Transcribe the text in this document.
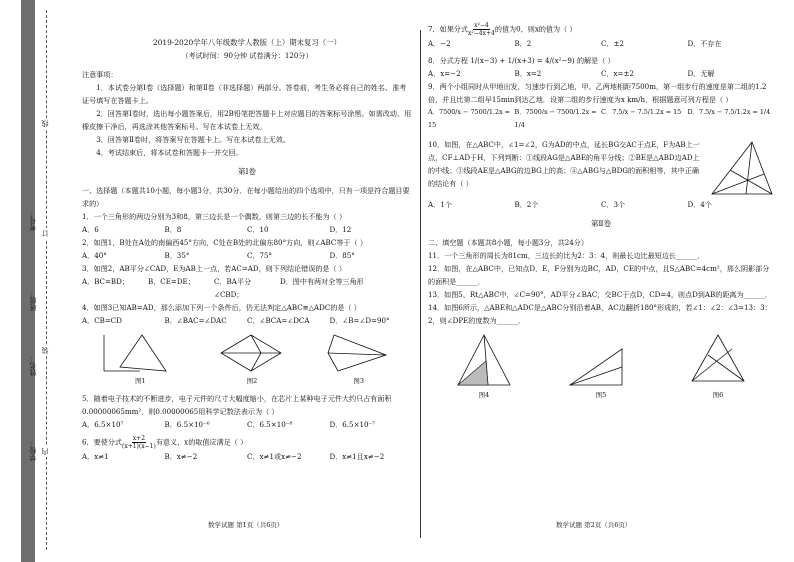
线
订
装
内
学校：
姓名：
班级：
考号：
2019-2020学年八年级数学人教版（上）期末复习（一）
（考试时间：90分钟 试卷满分：120分）
注意事项：
1．本试卷分第Ⅰ卷（选择题）和第Ⅱ卷（非选择题）两部分。答卷前，考生务必将自己的姓名、准考证号填写在答题卡上。
2．回答第Ⅰ卷时，选出每小题答案后，用2B铅笔把答题卡上对应题目的答案标号涂黑。如需改动，用橡皮擦干净后，再选涂其他答案标号。写在本试卷上无效。
3．回答第Ⅱ卷时，将答案写在答题卡上。写在本试卷上无效。
4．考试结束后，将本试卷和答题卡一并交回。
第Ⅰ卷
一、选择题（本题共10小题，每小题3分，共30分．在每小题给出的四个选项中，只有一项是符合题目要求的）
1．一个三角形的两边分别为3和8，第三边长是一个偶数，则第三边的长不能为（ ）
A．6	B．8	C．10	D．12
2．如图1，B处在A处的南偏西45°方向，C处在B处的北偏东80°方向，则∠ABC等于（ ）
A．40°	B．35°	C．75°	D．85°
3．如图2，AB平分∠CAD，E为AB上一点，若AC=AD，则下列结论错误的是（ ）
A．BC=BD；	B．CE=DE；	C．BA平分∠CBD；
D．图中有两对全等三角形
4．如图3已知AB=AD，那么添加下列一个条件后，仍无法判定△ABC≌△ADC的是（ ）
A．CB=CD	B．∠BAC=∠DAC	C．∠BCA=∠DCA	D．∠B=∠D=90°
图1	图2	图3
5．随着电子技术的不断进步，电子元件的尺寸大幅度缩小，在芯片上某种电子元件大约只占有面积0.00000065mm²，则0.00000065用科学记数法表示为（ ）
A．6.5×10⁷	B．6.5×10⁻⁶	C．6.5×10⁻⁸	D．6.5×10⁻⁷
6．要使分式 $\frac{x+2}{(x+1)(x-1)}$ 有意义，x的取值应满足（ ）
A．x≠1	B．x≠−2	C．x≠1或x≠−2	D．x≠1且x≠−2
7．如果分式 $\frac{\text{x²−4}}{\text{x²−4x+4}}$ 的值为0，则x的值为（ ）
A．−2	B．2	C．±2	D．不存在
8．分式方程 1/(x−3) + 1/(x+3) = 4/(x²−9) 的解是（ ）
A．x=−2	B．x=2	C．x=±2	D．无解
9．两个小组同时从甲地出发，匀速步行到乙地，甲、乙两地相距7500m，第一组步行的速度是第二组的1.2倍，并且比第二组早15min到达乙地．设第二组的步行速度为x km/h，根据题意可列方程是（ ）
A．7500/x − 7500/1.2x = 15
B．7500/x − 7500/1.2x = 1/4
C．7.5/x − 7.5/1.2x = 15 D．7.5/x − 7.5/1.2x = 1/4
10．如图，在△ABC中，∠1=∠2，G为AD的中点，延长BG交AC于点E，F为AB上一点，CF⊥AD于H，下列判断：①线段AG是△ABE的角平分线；②BE是△ABD边AD上的中线；③线段AE是△ABG的边BG上的高；④△ABG与△BDG的面积相等，其中正确的结论有（ ）
A．1个	B．2个	C．3个	D．4个
第Ⅱ卷
二、填空题（本题共8小题，每小题3分，共24分）
11．一个三角形的周长为81cm，三边长的比为2：3：4，则最长边比最短边长______．
12．如图，在△ABC中，已知点D，E，F分别为边BC，AD，CE的中点，且S△ABC=4cm²，那么阴影部分的面积是______．
13．如图5，Rt△ABC中，∠C=90°，AD平分∠BAC，交BC于点D，CD=4，则点D到AB的距离为______．
14．如图6所示，△ABE和△ADC是△ABC分别沿着AB，AC边翻折180°形成的，若∠1：∠2：∠3=13：3：2，则∠DPE的度数为______．
图4	图5	图6
数学试题 第1页（共6页）	数学试题 第2页（共6页）
